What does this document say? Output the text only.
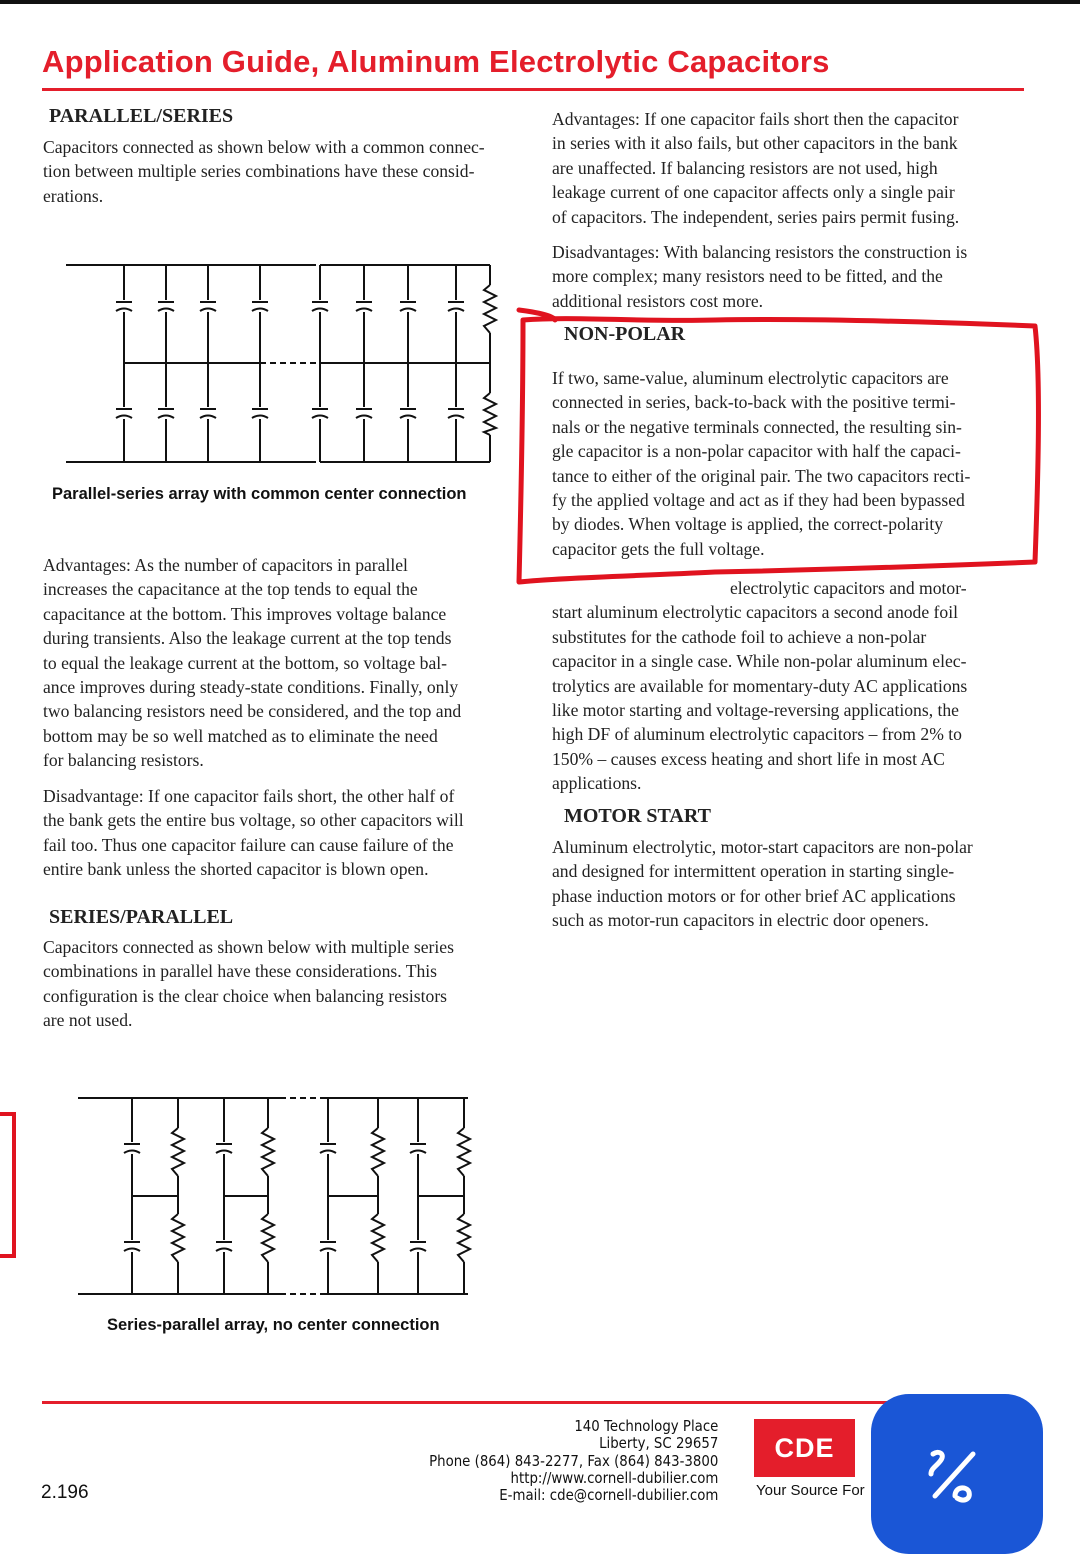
Application Guide, Aluminum Electrolytic Capacitors
PARALLEL/SERIES

Capacitors connected as shown below with a common connec-
tion between multiple series combinations have these consid-
erations.

Parallel-series array with common center connection

Advantages: As the number of capacitors in parallel
increases the capacitance at the top tends to equal the
capacitance at the bottom. This improves voltage balance
during transients. Also the leakage current at the top tends
to equal the leakage current at the bottom, so voltage bal-
ance improves during steady-state conditions. Finally, only
two balancing resistors need be considered, and the top and
bottom may be so well matched as to eliminate the need
for balancing resistors.

Disadvantage: If one capacitor fails short, the other half of
the bank gets the entire bus voltage, so other capacitors will
fail too. Thus one capacitor failure can cause failure of the
entire bank unless the shorted capacitor is blown open.

SERIES/PARALLEL

Capacitors connected as shown below with multiple series
combinations in parallel have these considerations. This
configuration is the clear choice when balancing resistors
are not used.

Series-parallel array, no center connection

Advantages: If one capacitor fails short then the capacitor
in series with it also fails, but other capacitors in the bank
are unaffected. If balancing resistors are not used, high
leakage current of one capacitor affects only a single pair
of capacitors. The independent, series pairs permit fusing.

Disadvantages: With balancing resistors the construction is
more complex; many resistors need to be fitted, and the
additional resistors cost more.

NON-POLAR

If two, same-value, aluminum electrolytic capacitors are
connected in series, back-to-back with the positive termi-
nals or the negative terminals connected, the resulting sin-
gle capacitor is a non-polar capacitor with half the capaci-
tance to either of the original pair. The two capacitors recti-
fy the applied voltage and act as if they had been bypassed
by diodes. When voltage is applied, the correct-polarity
capacitor gets the full voltage.

electrolytic capacitors and motor-
start aluminum electrolytic capacitors a second anode foil
substitutes for the cathode foil to achieve a non-polar
capacitor in a single case. While non-polar aluminum elec-
trolytics are available for momentary-duty AC applications
like motor starting and voltage-reversing applications, the
high DF of aluminum electrolytic capacitors – from 2% to
150% – causes excess heating and short life in most AC
applications.

MOTOR START

Aluminum electrolytic, motor-start capacitors are non-polar
and designed for intermittent operation in starting single-
phase induction motors or for other brief AC applications
such as motor-run capacitors in electric door openers.

2.196
140 Technology Place
Liberty, SC 29657
Phone (864) 843-2277, Fax (864) 843-3800
http://www.cornell-dubilier.com
E-mail: cde@cornell-dubilier.com
CDE
Your Source For
